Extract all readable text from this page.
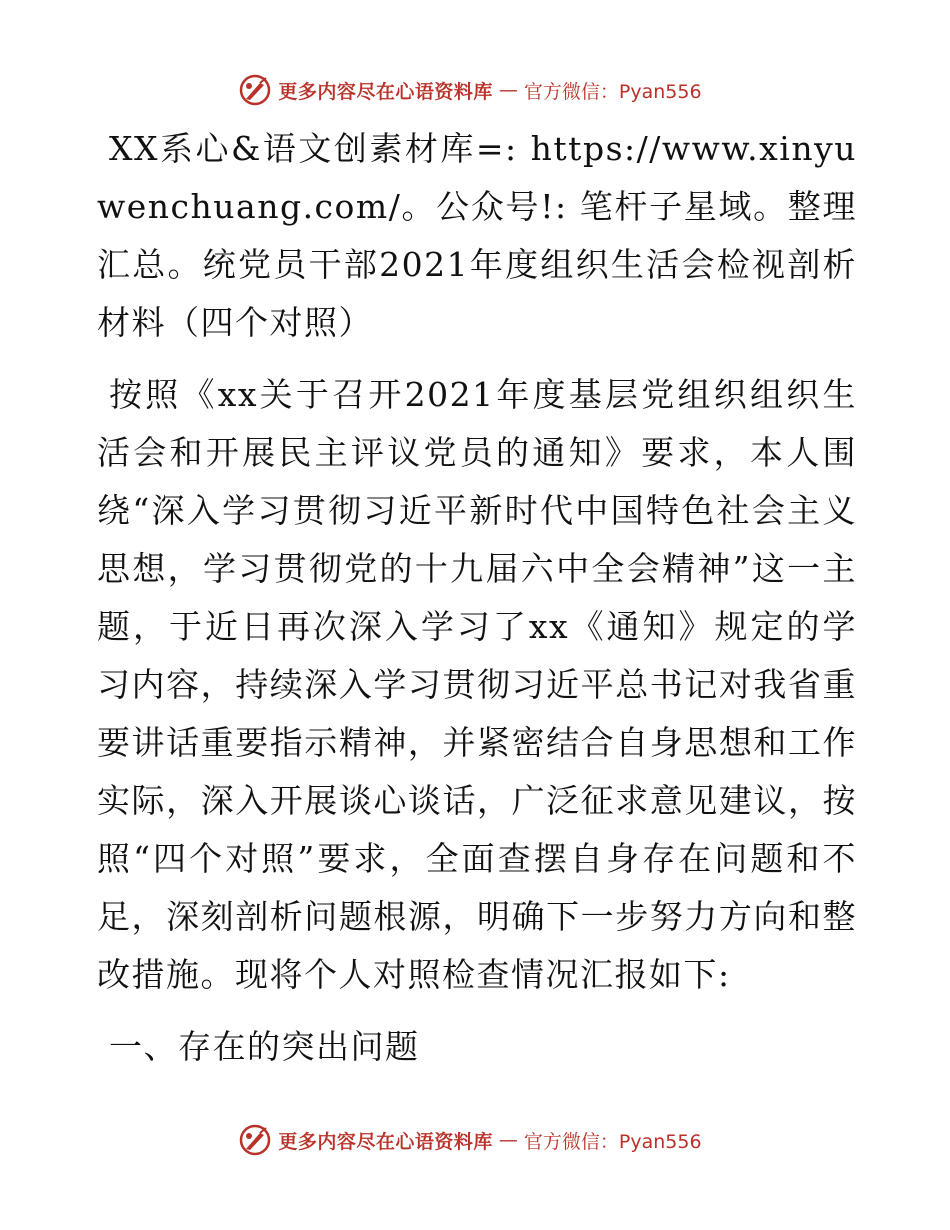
更多内容尽在心语资料库 — 官方微信：Pyan556

XX系心&语文创素材库=: https://www.xinyuwenchuang.com/。公众号!: 笔杆子星域。整理汇总。统党员干部2021年度组织生活会检视剖析材料（四个对照）

按照《xx关于召开2021年度基层党组织组织生活会和开展民主评议党员的通知》要求，本人围绕“深入学习贯彻习近平新时代中国特色社会主义思想，学习贯彻党的十九届六中全会精神”这一主题，于近日再次深入学习了xx《通知》规定的学习内容，持续深入学习贯彻习近平总书记对我省重要讲话重要指示精神，并紧密结合自身思想和工作实际，深入开展谈心谈话，广泛征求意见建议，按照“四个对照”要求，全面查摆自身存在问题和不足，深刻剖析问题根源，明确下一步努力方向和整改措施。现将个人对照检查情况汇报如下:

一、存在的突出问题

更多内容尽在心语资料库 — 官方微信：Pyan556
